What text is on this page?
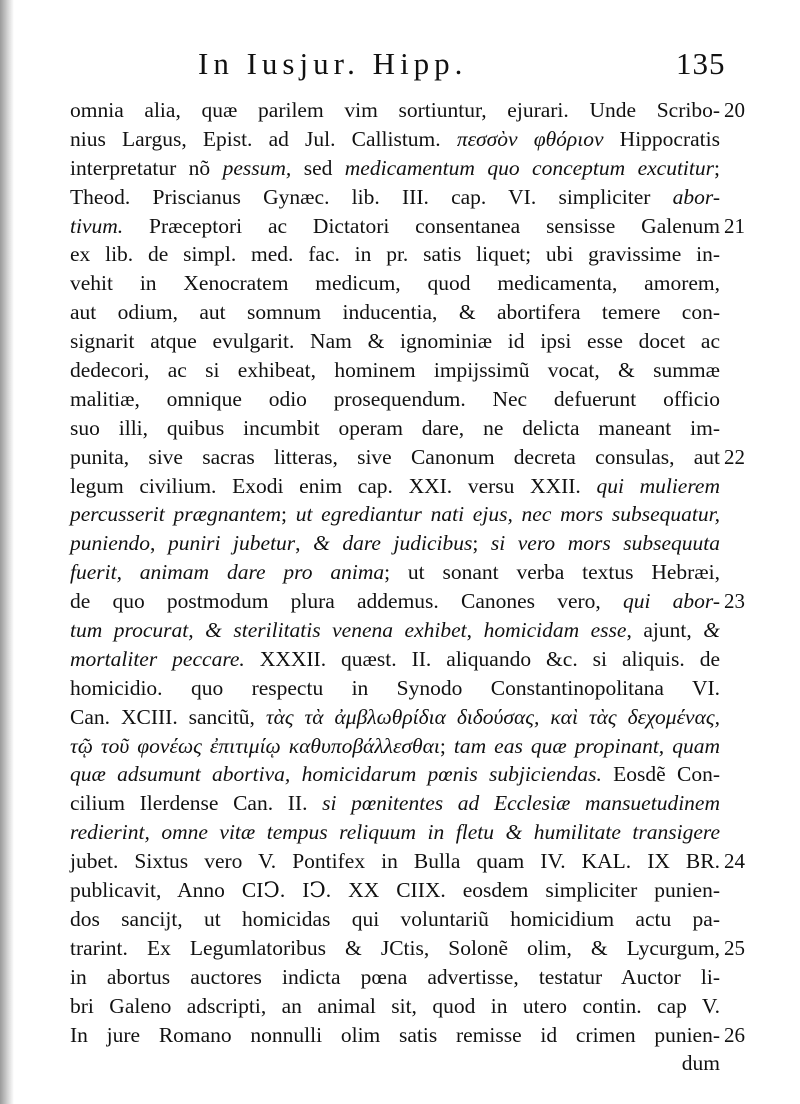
In Iusjur. Hipp.	135
omnia alia, quæ parilem vim sortiuntur, ejurari. Unde Scribo-
nius Largus, Epist. ad Jul. Callistum. πεσσὸν φθόριον Hippocratis
interpretatur nõ pessum, sed medicamentum quo conceptum excutitur;
Theod. Priscianus Gynæc. lib. III. cap. VI. simpliciter abor-
tivum. Præceptori ac Dictatori consentanea sensisse Galenum
ex lib. de simpl. med. fac. in pr. satis liquet; ubi gravissime in-
vehit in Xenocratem medicum, quod medicamenta, amorem,
aut odium, aut somnum inducentia, & abortifera temere con-
signarit atque evulgarit. Nam & ignominiæ id ipsi esse docet ac
dedecori, ac si exhibeat, hominem impijssimũ vocat, & summæ
malitiæ, omnique odio prosequendum. Nec defuerunt officio
suo illi, quibus incumbit operam dare, ne delicta maneant im-
punita, sive sacras litteras, sive Canonum decreta consulas, aut
legum civilium. Exodi enim cap. XXI. versu XXII. qui mulierem
percusserit prægnantem; ut egrediantur nati ejus, nec mors subsequatur,
puniendo, puniri jubetur, & dare judicibus; si vero mors subsequuta
fuerit, animam dare pro anima; ut sonant verba textus Hebræi,
de quo postmodum plura addemus. Canones vero, qui abor-
tum procurat, & sterilitatis venena exhibet, homicidam esse, ajunt, &
mortaliter peccare. XXXII. quæst. II. aliquando &c. si aliquis. de
homicidio. quo respectu in Synodo Constantinopolitana VI.
Can. XCIII. sancitũ, τὰς τὰ ἀμβλωθρίδια διδούσας, καὶ τὰς δεχομένας,
τῷ τοῦ φονέως ἐπιτιμίῳ καθυποβάλλεσθαι; tam eas quæ propinant, quam
quæ adsumunt abortiva, homicidarum pœnis subjiciendas. Eosdẽ Con-
cilium Ilerdense Can. II. si pœnitentes ad Ecclesiæ mansuetudinem
redierint, omne vitæ tempus reliquum in fletu & humilitate transigere
jubet. Sixtus vero V. Pontifex in Bulla quam IV. KAL. IX BR.
publicavit, Anno CIↃ. IↃ. XX CIIX. eosdem simpliciter punien-
dos sancijt, ut homicidas qui voluntariũ homicidium actu pa-
trarint. Ex Legumlatoribus & JCtis, Solonẽ olim, & Lycurgum,
in abortus auctores indicta pœna advertisse, testatur Auctor li-
bri Galeno adscripti, an animal sit, quod in utero contin. cap V.
In jure Romano nonnulli olim satis remisse id crimen punien-
dum
20
21
22
23
24
25
26
